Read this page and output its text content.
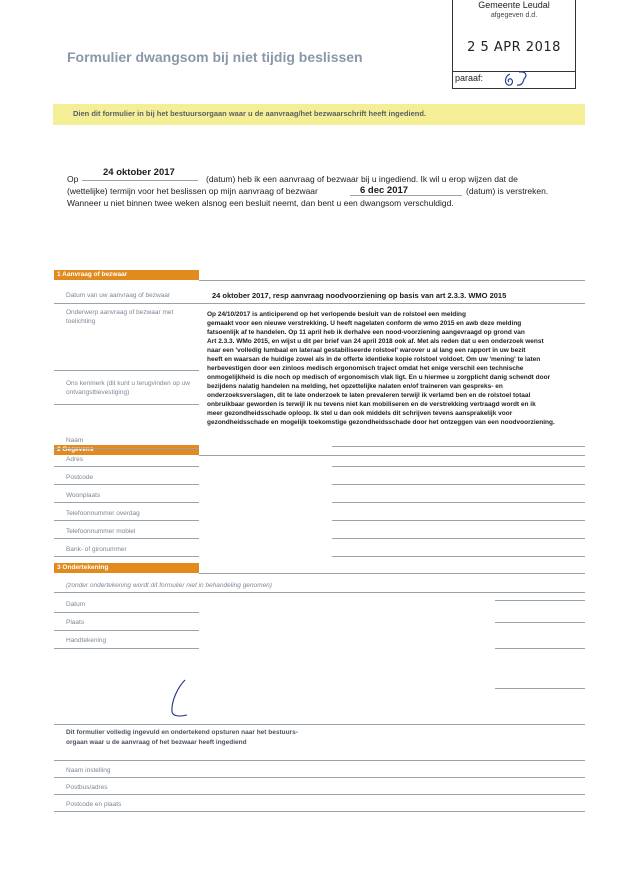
Gemeente Leudal
afgegeven d.d.
2 5 APR 2018
paraaf:
Formulier dwangsom bij niet tijdig beslissen
Dien dit formulier in bij het bestuursorgaan waar u de aanvraag/het bezwaarschrift heeft ingediend.
Op
24 oktober 2017
(datum) heb ik een aanvraag of bezwaar bij u ingediend. Ik wil u erop wijzen dat de
(wettelijke) termijn voor het beslissen op mijn aanvraag of bezwaar	6 dec 2017	(datum) is verstreken.
Wanneer u niet binnen twee weken alsnog een besluit neemt, dan bent u een dwangsom verschuldigd.
1 Aanvraag of bezwaar
Datum van uw aanvraag of bezwaar	24 oktober 2017, resp aanvraag noodvoorziening op basis van art 2.3.3. WMO 2015
Onderwerp aanvraag of bezwaar met toelichting
Op 24/10/2017 is anticiperend op het verlopende besluit van de rolstoel een melding
gemaakt voor een nieuwe verstrekking. U heeft nagelaten conform de wmo 2015 en awb deze melding
fatsoenlijk af te handelen. Op 11 april heb ik derhalve een nood-voorziening aangevraagd op grond van
Art 2.3.3. WMo 2015, en wijst u dit per brief van 24 april 2018 ook af. Met als reden dat u een onderzoek wenst
naar een 'volledig lumbaal en lateraal gestabiliseerde rolstoel' warover u al lang een rapport in uw bezit
heeft en waarsan de huidige zowel als in de offerte identieke kopie rolstoel voldoet. Om uw 'mening' te laten
herbevestigen door een zinloos medisch ergonomisch traject omdat het enige verschil een technische
onmogelijkheid is die noch op medisch of ergonomisch vlak ligt. En u hiermee u zorgplicht danig schendt door
bezijdens nalatig handelen na melding, het opzettelijke nalaten en/of traineren van gespreks- en
onderzoeksverslagen, dit te late onderzoek te laten prevaleren terwijl ik verlamd ben en de rolstoel totaal
onbruikbaar geworden is terwijl ik nu tevens niet kan mobiliseren en de verstrekking vertraagd wordt en ik
meer gezondheidsschade oploop. Ik stel u dan ook middels dit schrijven tevens aansprakelijk voor
gezondheidsschade en mogelijk toekomstige gezondheidsschade door het ontzeggen van een noodvoorziening.
Ons kenmerk (dit kunt u terugvinden op uw ontvangstbevestiging)
2 Gegevens
Naam
Adres
Postcode
Woonplaats
Telefoonnummer overdag
Telefoonnummer mobiel
Bank- of gironummer
3 Ondertekening
(zonder ondertekening wordt dit formulier niet in behandeling genomen)
Datum
Plaats
Handtekening
Dit formulier volledig ingevuld en ondertekend opsturen naar het bestuurs-
orgaan waar u de aanvraag of het bezwaar heeft ingediend
Naam instelling
Postbus/adres
Postcode en plaats
